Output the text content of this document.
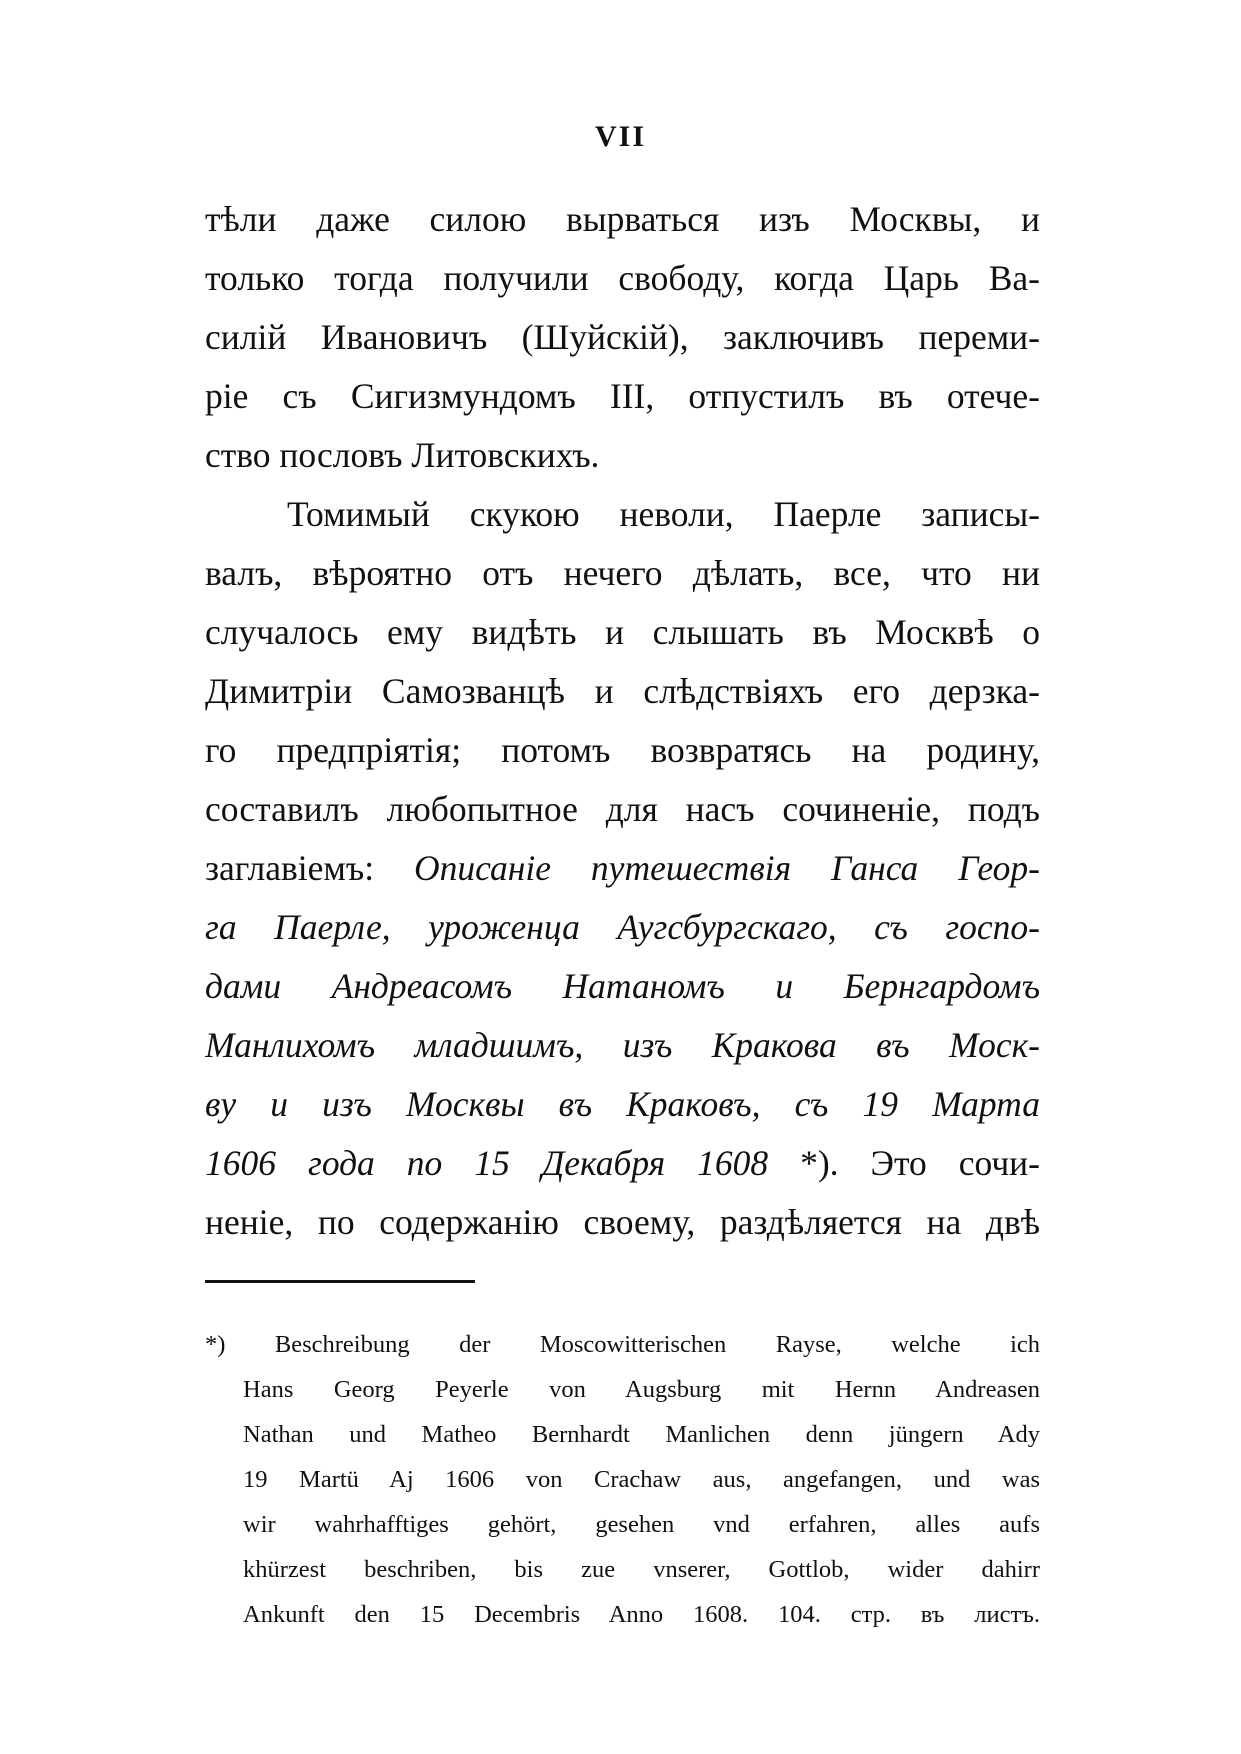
VII
тѣли даже силою вырваться изъ Москвы, и
только тогда получили свободу, когда Царь Ва-
силій Ивановичъ (Шуйскій), заключивъ переми-
ріе съ Сигизмундомъ III, отпустилъ въ отече-
ство пословъ Литовскихъ.
Томимый скукою неволи, Паерле записы-
валъ, вѣроятно отъ нечего дѣлать, все, что ни
случалось ему видѣть и слышать въ Москвѣ о
Димитріи Самозванцѣ и слѣдствіяхъ его дерзка-
го предпріятія; потомъ возвратясь на родину,
составилъ любопытное для насъ сочиненіе, подъ
заглавіемъ: Описаніе путешествія Ганса Геор-
га Паерле, уроженца Аугсбургскаго, съ госпо-
дами Андреасомъ Натаномъ и Бернгардомъ
Манлихомъ младшимъ, изъ Кракова въ Моск-
ву и изъ Москвы въ Краковъ, съ 19 Марта
1606 года по 15 Декабря 1608 *). Это сочи-
неніе, по содержанію своему, раздѣляется на двѣ
*) Beschreibung der Moscowitterischen Rayse, welche ich
Hans Georg Peyerle von Augsburg mit Hernn Andreasen
Nathan und Matheo Bernhardt Manlichen denn jüngern Ady
19 Martü Aj 1606 von Crachaw aus, angefangen, und was
wir wahrhafftiges gehört, gesehen vnd erfahren, alles aufs
khürzest beschriben, bis zue vnserer, Gottlob, wider dahirr
Ankunft den 15 Decembris Anno 1608. 104. стр. въ листъ.
